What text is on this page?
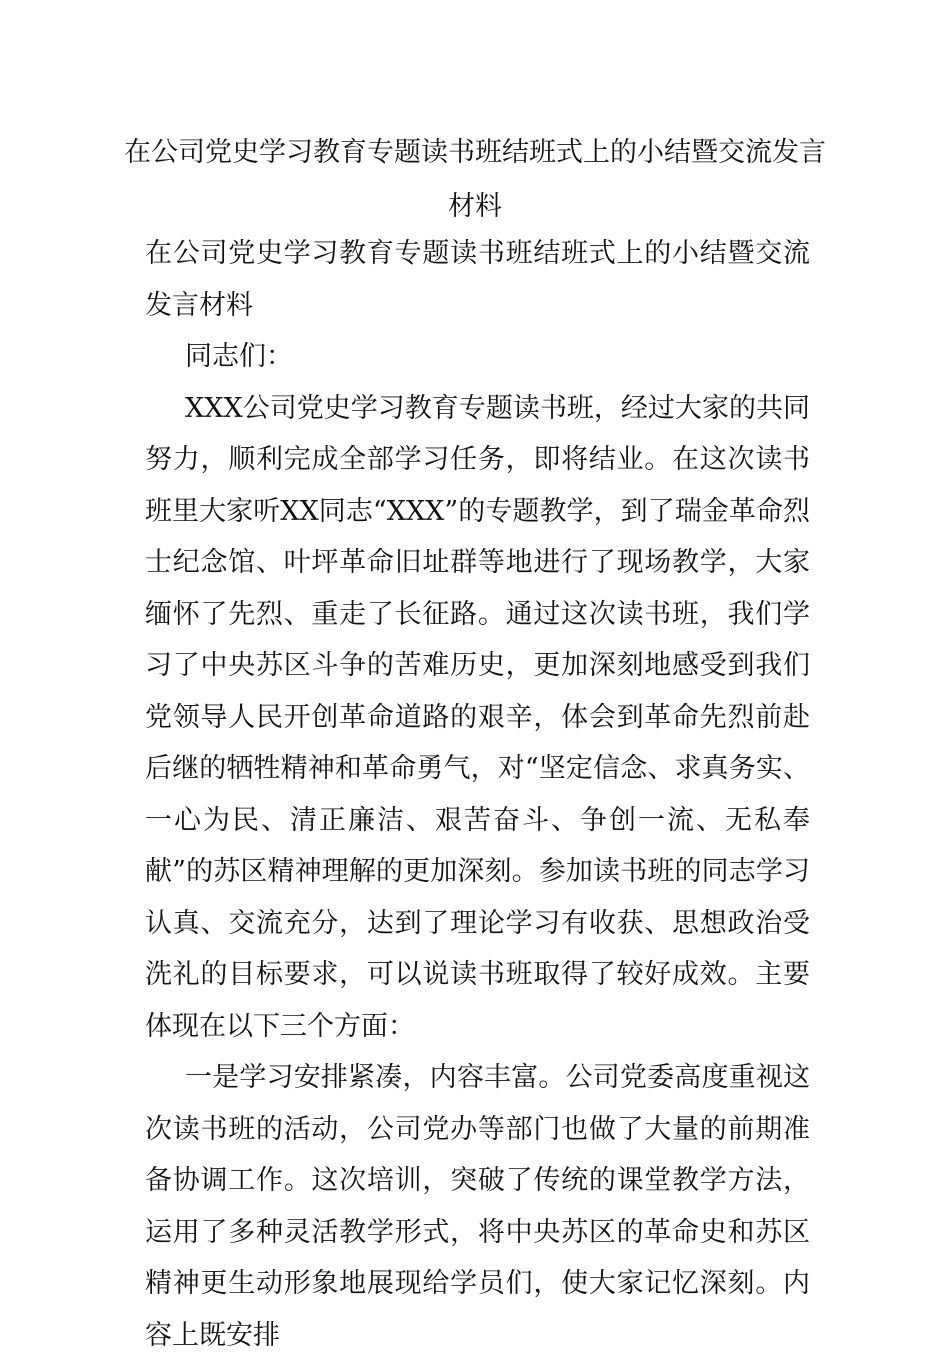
在公司党史学习教育专题读书班结班式上的小结暨交流发言材料

在公司党史学习教育专题读书班结班式上的小结暨交流发言材料

同志们：

XXX公司党史学习教育专题读书班，经过大家的共同努力，顺利完成全部学习任务，即将结业。在这次读书班里大家听XX同志“XXX”的专题教学，到了瑞金革命烈士纪念馆、叶坪革命旧址群等地进行了现场教学，大家缅怀了先烈、重走了长征路。通过这次读书班，我们学习了中央苏区斗争的苦难历史，更加深刻地感受到我们党领导人民开创革命道路的艰辛，体会到革命先烈前赴后继的牺牲精神和革命勇气，对“坚定信念、求真务实、一心为民、清正廉洁、艰苦奋斗、争创一流、无私奉献”的苏区精神理解的更加深刻。参加读书班的同志学习认真、交流充分，达到了理论学习有收获、思想政治受洗礼的目标要求，可以说读书班取得了较好成效。主要体现在以下三个方面：

一是学习安排紧凑，内容丰富。公司党委高度重视这次读书班的活动，公司党办等部门也做了大量的前期准备协调工作。这次培训，突破了传统的课堂教学方法，运用了多种灵活教学形式，将中央苏区的革命史和苏区精神更生动形象地展现给学员们，使大家记忆深刻。内容上既安排
